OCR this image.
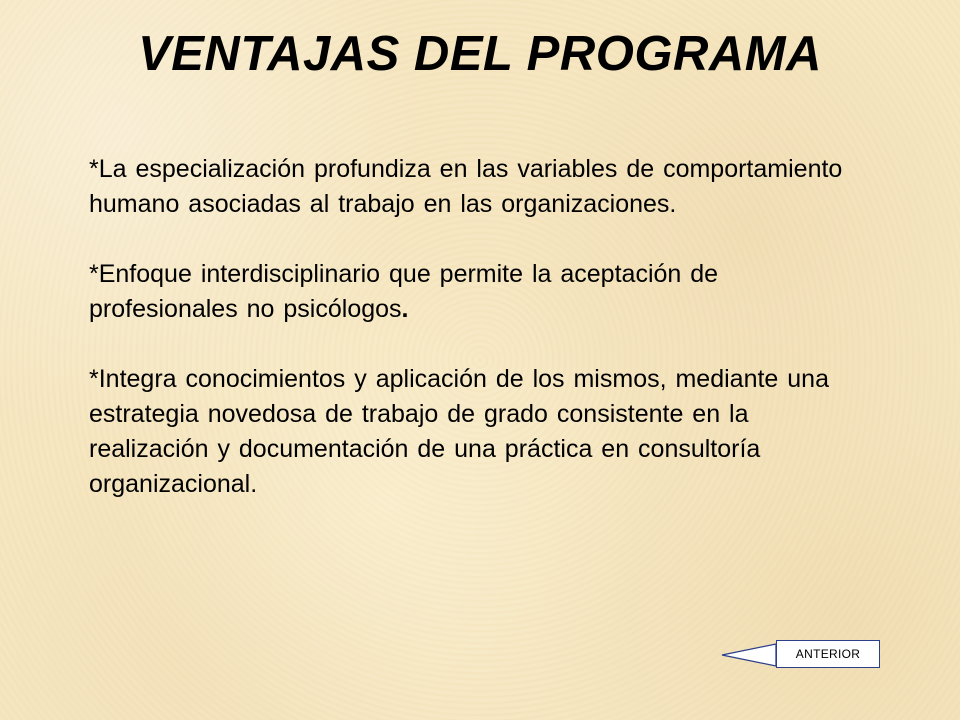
VENTAJAS DEL PROGRAMA

*La especialización profundiza en las variables de comportamiento humano asociadas al trabajo en las organizaciones.

*Enfoque interdisciplinario que permite la aceptación de profesionales no psicólogos.

*Integra conocimientos y aplicación de los mismos, mediante una estrategia novedosa de trabajo de grado consistente en la realización y documentación de una práctica en consultoría organizacional.

ANTERIOR
